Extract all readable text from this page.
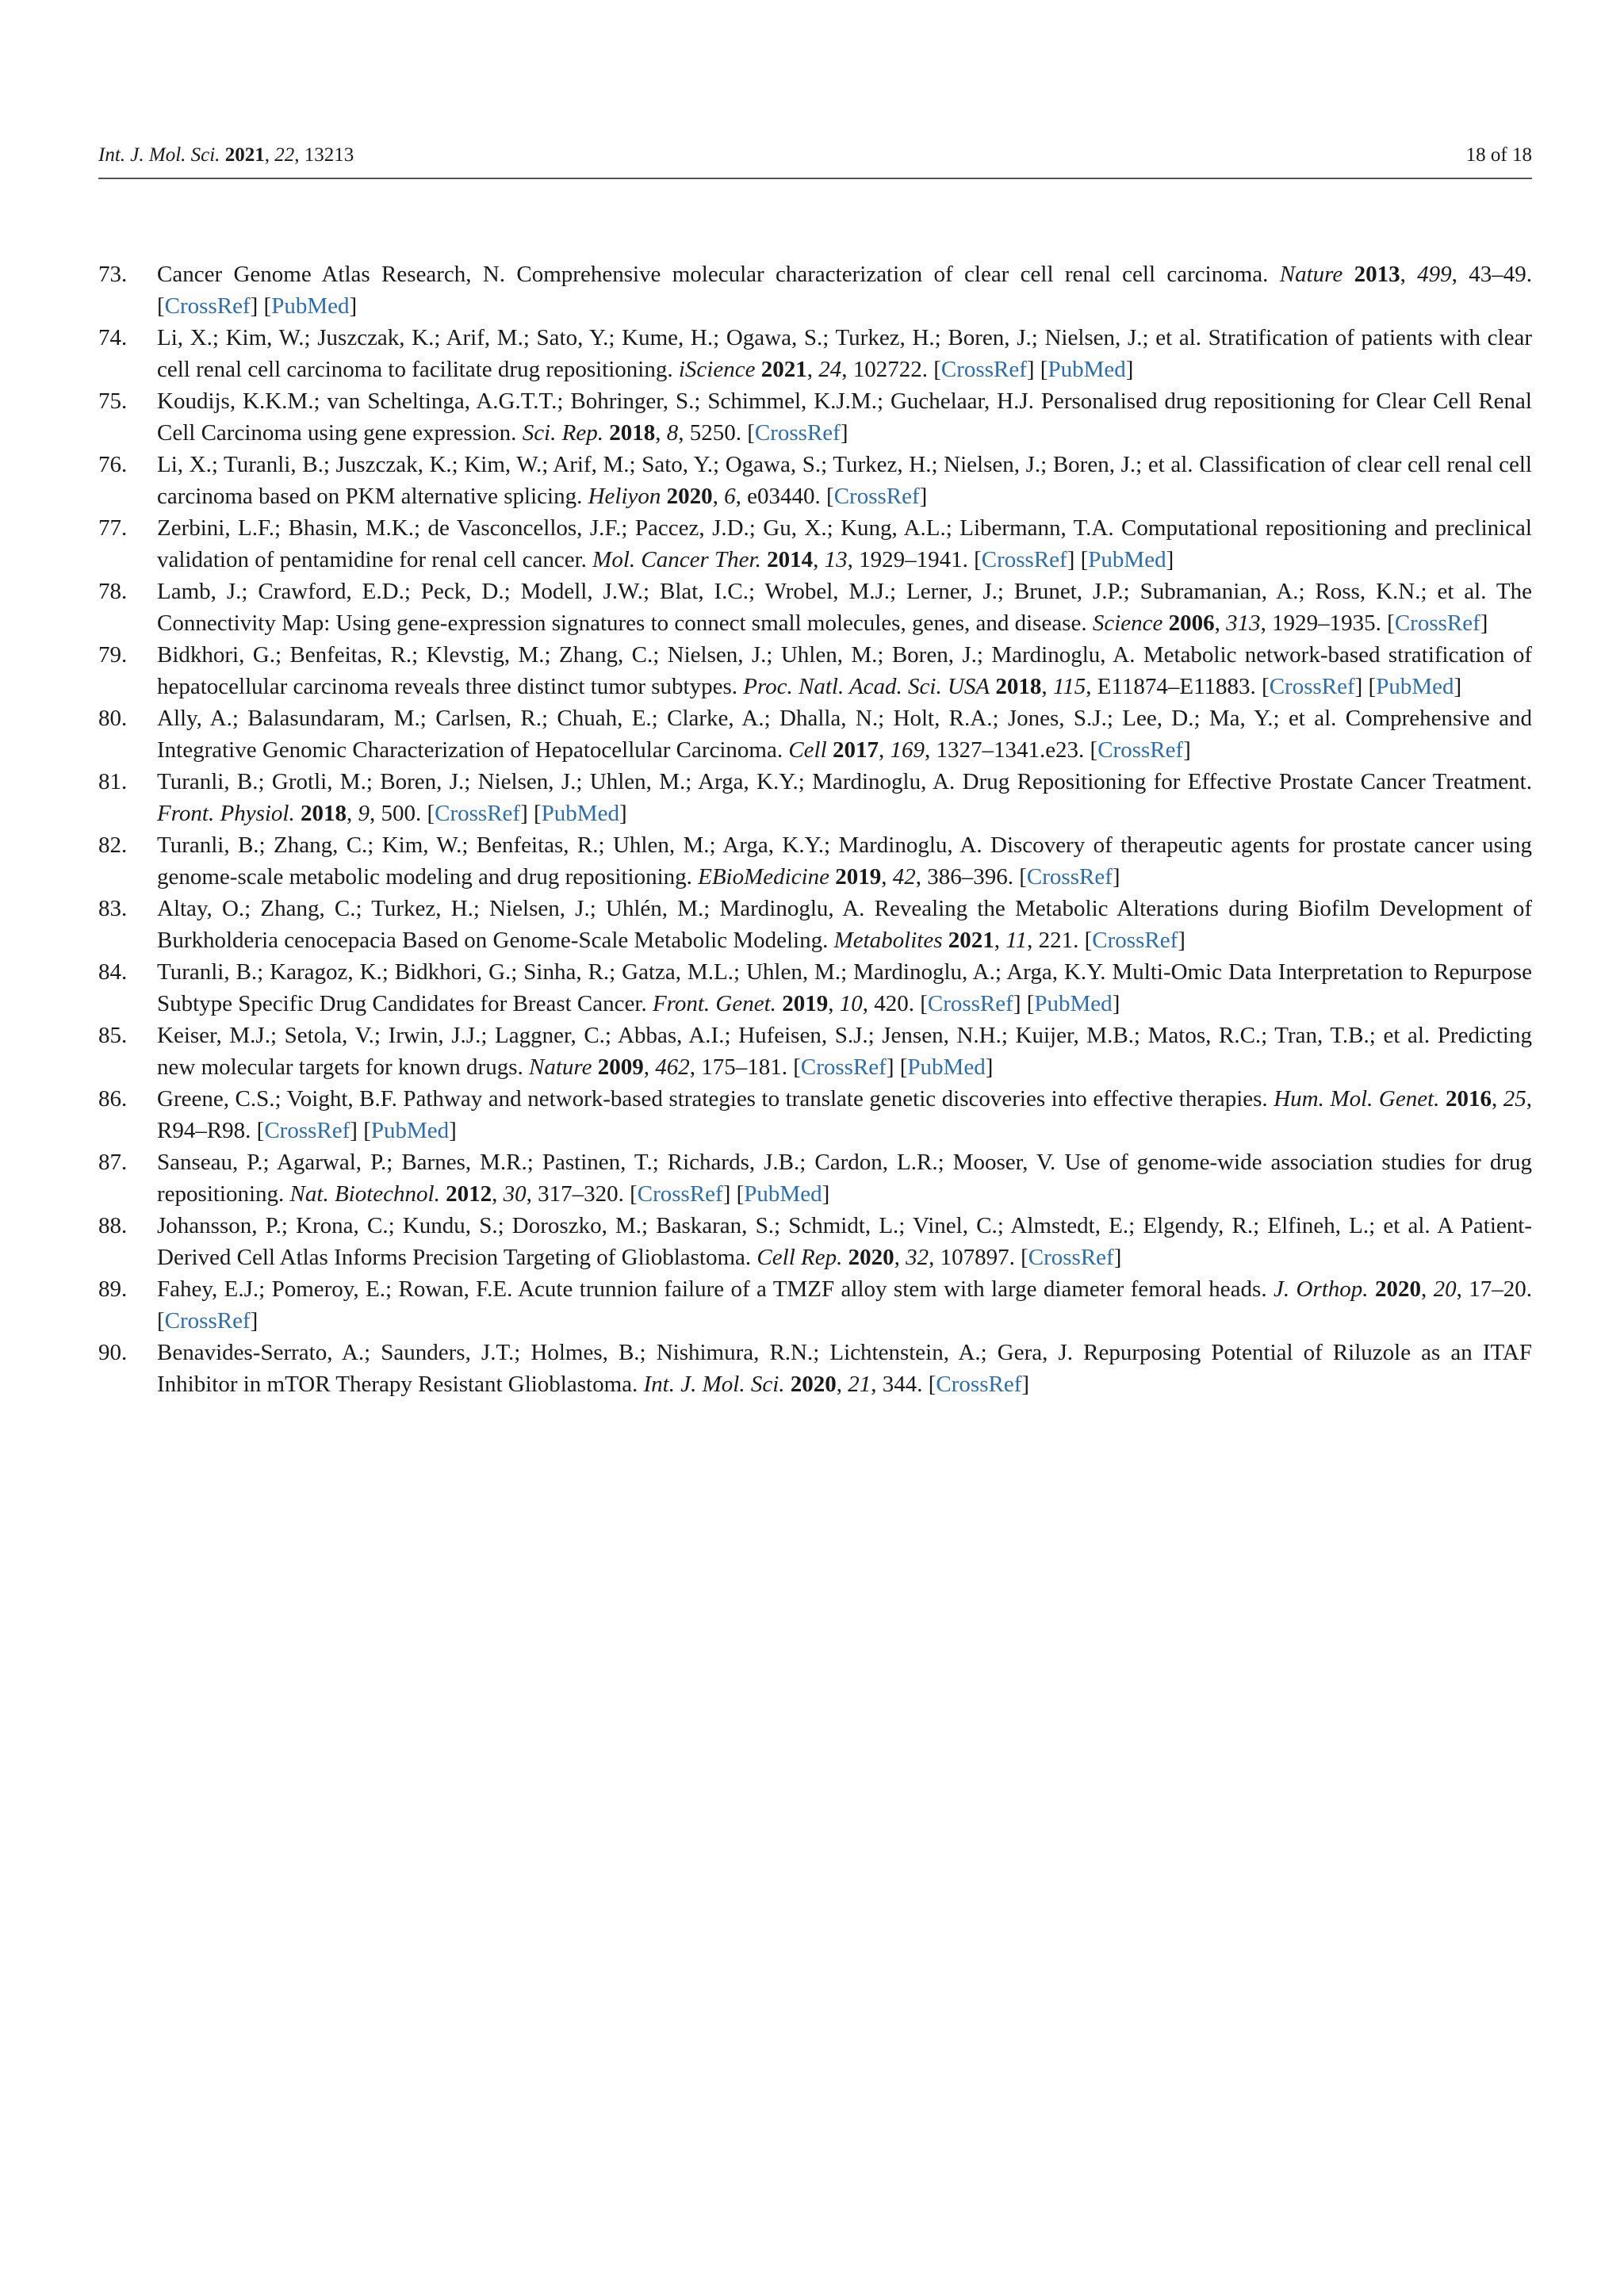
Int. J. Mol. Sci. 2021, 22, 13213	18 of 18
73. Cancer Genome Atlas Research, N. Comprehensive molecular characterization of clear cell renal cell carcinoma. Nature 2013, 499, 43–49. [CrossRef] [PubMed]
74. Li, X.; Kim, W.; Juszczak, K.; Arif, M.; Sato, Y.; Kume, H.; Ogawa, S.; Turkez, H.; Boren, J.; Nielsen, J.; et al. Stratification of patients with clear cell renal cell carcinoma to facilitate drug repositioning. iScience 2021, 24, 102722. [CrossRef] [PubMed]
75. Koudijs, K.K.M.; van Scheltinga, A.G.T.T.; Bohringer, S.; Schimmel, K.J.M.; Guchelaar, H.J. Personalised drug repositioning for Clear Cell Renal Cell Carcinoma using gene expression. Sci. Rep. 2018, 8, 5250. [CrossRef]
76. Li, X.; Turanli, B.; Juszczak, K.; Kim, W.; Arif, M.; Sato, Y.; Ogawa, S.; Turkez, H.; Nielsen, J.; Boren, J.; et al. Classification of clear cell renal cell carcinoma based on PKM alternative splicing. Heliyon 2020, 6, e03440. [CrossRef]
77. Zerbini, L.F.; Bhasin, M.K.; de Vasconcellos, J.F.; Paccez, J.D.; Gu, X.; Kung, A.L.; Libermann, T.A. Computational repositioning and preclinical validation of pentamidine for renal cell cancer. Mol. Cancer Ther. 2014, 13, 1929–1941. [CrossRef] [PubMed]
78. Lamb, J.; Crawford, E.D.; Peck, D.; Modell, J.W.; Blat, I.C.; Wrobel, M.J.; Lerner, J.; Brunet, J.P.; Subramanian, A.; Ross, K.N.; et al. The Connectivity Map: Using gene-expression signatures to connect small molecules, genes, and disease. Science 2006, 313, 1929–1935. [CrossRef]
79. Bidkhori, G.; Benfeitas, R.; Klevstig, M.; Zhang, C.; Nielsen, J.; Uhlen, M.; Boren, J.; Mardinoglu, A. Metabolic network-based stratification of hepatocellular carcinoma reveals three distinct tumor subtypes. Proc. Natl. Acad. Sci. USA 2018, 115, E11874–E11883. [CrossRef] [PubMed]
80. Ally, A.; Balasundaram, M.; Carlsen, R.; Chuah, E.; Clarke, A.; Dhalla, N.; Holt, R.A.; Jones, S.J.; Lee, D.; Ma, Y.; et al. Comprehensive and Integrative Genomic Characterization of Hepatocellular Carcinoma. Cell 2017, 169, 1327–1341.e23. [CrossRef]
81. Turanli, B.; Grotli, M.; Boren, J.; Nielsen, J.; Uhlen, M.; Arga, K.Y.; Mardinoglu, A. Drug Repositioning for Effective Prostate Cancer Treatment. Front. Physiol. 2018, 9, 500. [CrossRef] [PubMed]
82. Turanli, B.; Zhang, C.; Kim, W.; Benfeitas, R.; Uhlen, M.; Arga, K.Y.; Mardinoglu, A. Discovery of therapeutic agents for prostate cancer using genome-scale metabolic modeling and drug repositioning. EBioMedicine 2019, 42, 386–396. [CrossRef]
83. Altay, O.; Zhang, C.; Turkez, H.; Nielsen, J.; Uhlén, M.; Mardinoglu, A. Revealing the Metabolic Alterations during Biofilm Development of Burkholderia cenocepacia Based on Genome-Scale Metabolic Modeling. Metabolites 2021, 11, 221. [CrossRef]
84. Turanli, B.; Karagoz, K.; Bidkhori, G.; Sinha, R.; Gatza, M.L.; Uhlen, M.; Mardinoglu, A.; Arga, K.Y. Multi-Omic Data Interpretation to Repurpose Subtype Specific Drug Candidates for Breast Cancer. Front. Genet. 2019, 10, 420. [CrossRef] [PubMed]
85. Keiser, M.J.; Setola, V.; Irwin, J.J.; Laggner, C.; Abbas, A.I.; Hufeisen, S.J.; Jensen, N.H.; Kuijer, M.B.; Matos, R.C.; Tran, T.B.; et al. Predicting new molecular targets for known drugs. Nature 2009, 462, 175–181. [CrossRef] [PubMed]
86. Greene, C.S.; Voight, B.F. Pathway and network-based strategies to translate genetic discoveries into effective therapies. Hum. Mol. Genet. 2016, 25, R94–R98. [CrossRef] [PubMed]
87. Sanseau, P.; Agarwal, P.; Barnes, M.R.; Pastinen, T.; Richards, J.B.; Cardon, L.R.; Mooser, V. Use of genome-wide association studies for drug repositioning. Nat. Biotechnol. 2012, 30, 317–320. [CrossRef] [PubMed]
88. Johansson, P.; Krona, C.; Kundu, S.; Doroszko, M.; Baskaran, S.; Schmidt, L.; Vinel, C.; Almstedt, E.; Elgendy, R.; Elfineh, L.; et al. A Patient-Derived Cell Atlas Informs Precision Targeting of Glioblastoma. Cell Rep. 2020, 32, 107897. [CrossRef]
89. Fahey, E.J.; Pomeroy, E.; Rowan, F.E. Acute trunnion failure of a TMZF alloy stem with large diameter femoral heads. J. Orthop. 2020, 20, 17–20. [CrossRef]
90. Benavides-Serrato, A.; Saunders, J.T.; Holmes, B.; Nishimura, R.N.; Lichtenstein, A.; Gera, J. Repurposing Potential of Riluzole as an ITAF Inhibitor in mTOR Therapy Resistant Glioblastoma. Int. J. Mol. Sci. 2020, 21, 344. [CrossRef]
